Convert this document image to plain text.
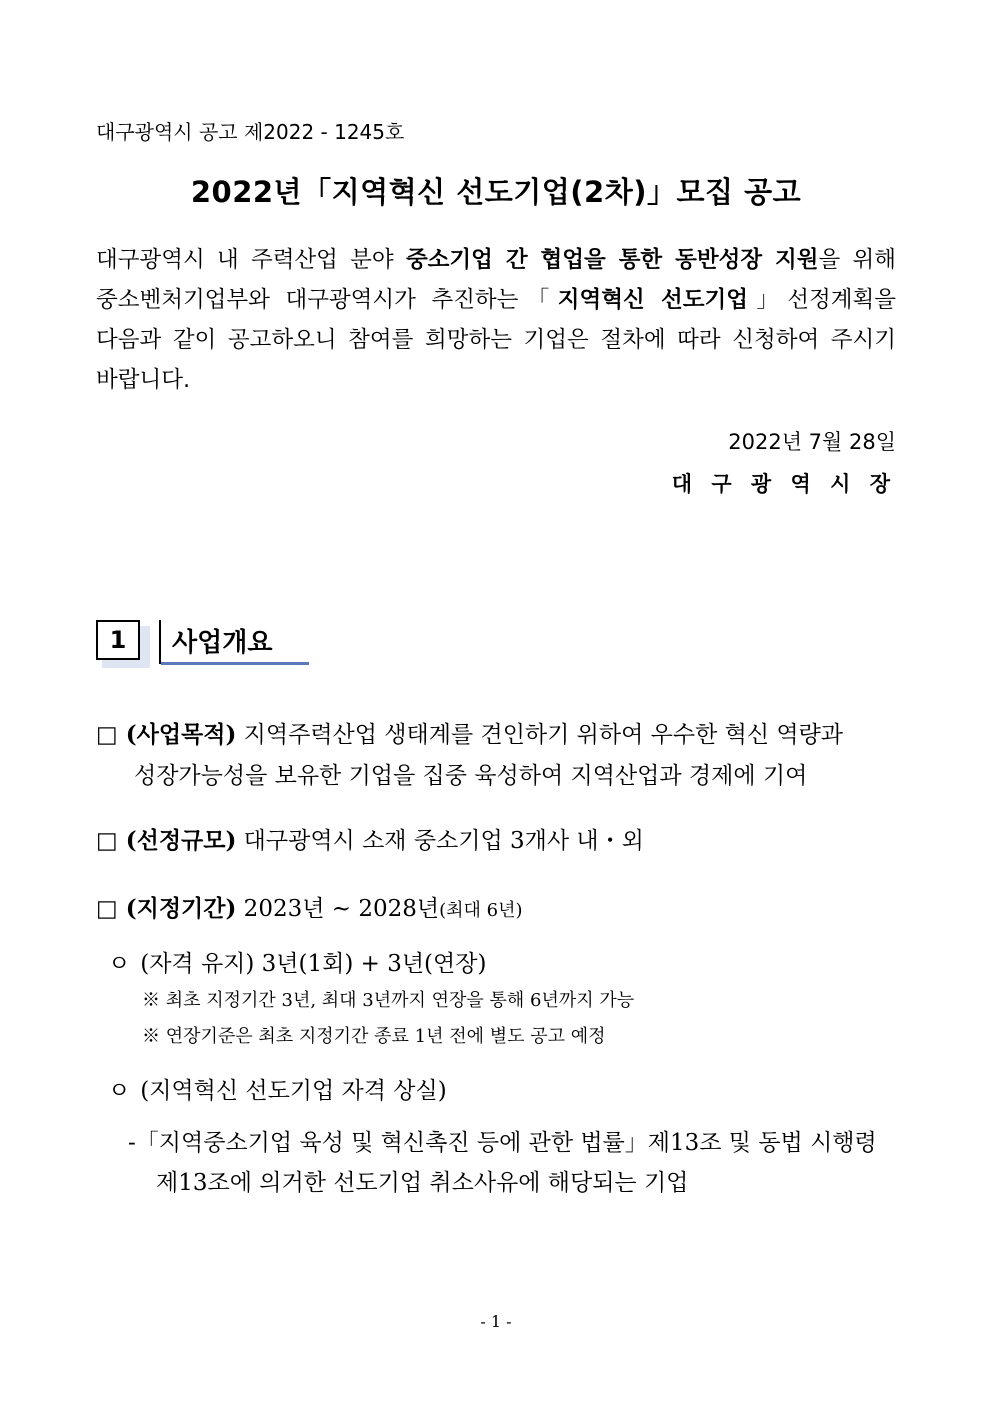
대구광역시 공고 제2022 - 1245호
2022년「지역혁신 선도기업(2차)」모집 공고
대구광역시 내 주력산업 분야 중소기업 간 협업을 통한 동반성장 지원을 위해
중소벤처기업부와 대구광역시가 추진하는「지역혁신 선도기업」선정계획을
다음과 같이 공고하오니 참여를 희망하는 기업은 절차에 따라 신청하여 주시기
바랍니다.
2022년 7월 28일
대 구 광 역 시 장
1	사업개요
□ (사업목적) 지역주력산업 생태계를 견인하기 위하여 우수한 혁신 역량과
성장가능성을 보유한 기업을 집중 육성하여 지역산업과 경제에 기여
□ (선정규모) 대구광역시 소재 중소기업 3개사 내・외
□ (지정기간) 2023년 ~ 2028년(최대 6년)
ㅇ (자격 유지) 3년(1회) + 3년(연장)
※ 최초 지정기간 3년, 최대 3년까지 연장을 통해 6년까지 가능
※ 연장기준은 최초 지정기간 종료 1년 전에 별도 공고 예정
ㅇ (지역혁신 선도기업 자격 상실)
-「지역중소기업 육성 및 혁신촉진 등에 관한 법률」제13조 및 동법 시행령
제13조에 의거한 선도기업 취소사유에 해당되는 기업
- 1 -
